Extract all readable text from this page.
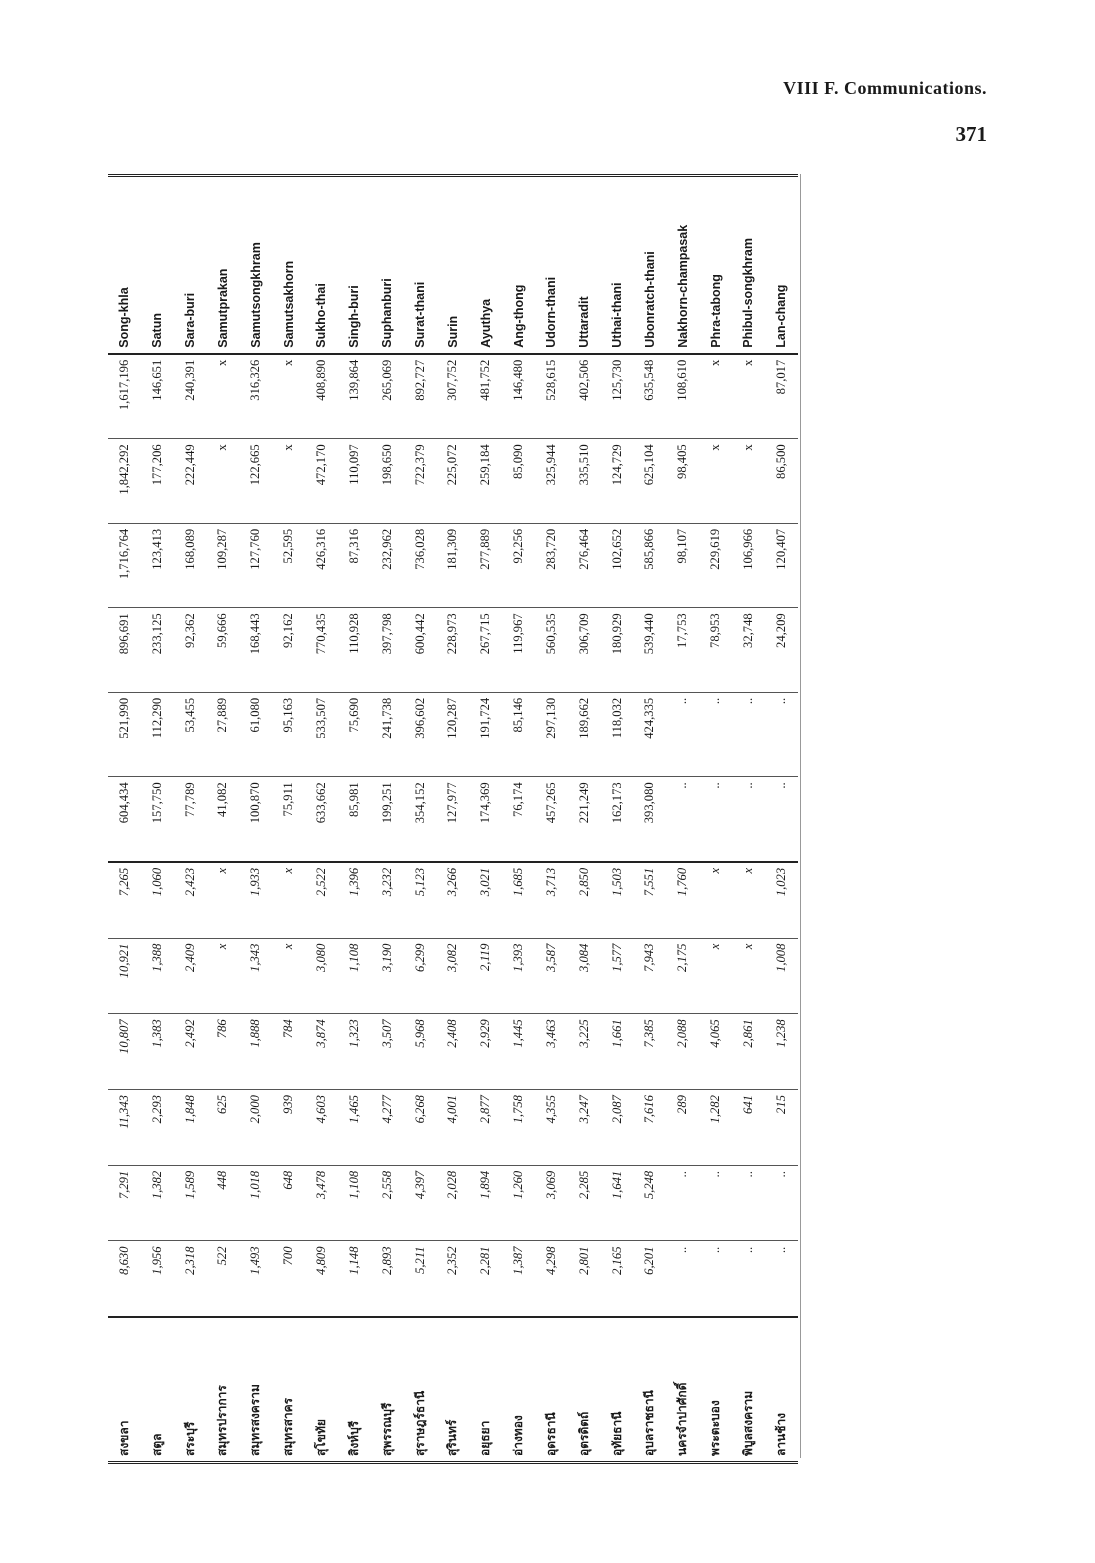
VIII F. Communications.
371
สงขลา	8,630	7,291	11,343	10,807	10,921	7,265	604,434	521,990	896,691	1,716,764	1,842,292	1,617,196	Song-khla
สตูล	1,956	1,382	2,293	1,383	1,388	1,060	157,750	112,290	233,125	123,413	177,206	146,651	Satun
สระบุรี	2,318	1,589	1,848	2,492	2,409	2,423	77,789	53,455	92,362	168,089	222,449	240,391	Sara-buri
สมุทรปราการ	522	448	625	786	x	x	41,082	27,889	59,666	109,287	x	x	Samutprakan
สมุทรสงคราม	1,493	1,018	2,000	1,888	1,343	1,933	100,870	61,080	168,443	127,760	122,665	316,326	Samutsongkhram
สมุทรสาคร	700	648	939	784	x	x	75,911	95,163	92,162	52,595	x	x	Samutsakhorn
สุโขทัย	4,809	3,478	4,603	3,874	3,080	2,522	633,662	533,507	770,435	426,316	472,170	408,890	Sukho-thai
สิงห์บุรี	1,148	1,108	1,465	1,323	1,108	1,396	85,981	75,690	110,928	87,316	110,097	139,864	Singh-buri
สุพรรณบุรี	2,893	2,558	4,277	3,507	3,190	3,232	199,251	241,738	397,798	232,962	198,650	265,069	Suphanburi
สุราษฎร์ธานี	5,211	4,397	6,268	5,968	6,299	5,123	354,152	396,602	600,442	736,028	722,379	892,727	Surat-thani
สุรินทร์	2,352	2,028	4,001	2,408	3,082	3,266	127,977	120,287	228,973	181,309	225,072	307,752	Surin
อยุธยา	2,281	1,894	2,877	2,929	2,119	3,021	174,369	191,724	267,715	277,889	259,184	481,752	Ayuthya
อ่างทอง	1,387	1,260	1,758	1,445	1,393	1,685	76,174	85,146	119,967	92,256	85,090	146,480	Ang-thong
อุดรธานี	4,298	3,069	4,355	3,463	3,587	3,713	457,265	297,130	560,535	283,720	325,944	528,615	Udorn-thani
อุตรดิตถ์	2,801	2,285	3,247	3,225	3,084	2,850	221,249	189,662	306,709	276,464	335,510	402,506	Uttaradit
อุทัยธานี	2,165	1,641	2,087	1,661	1,577	1,503	162,173	118,032	180,929	102,652	124,729	125,730	Uthai-thani
อุบลราชธานี	6,201	5,248	7,616	7,385	7,943	7,551	393,080	424,335	539,440	585,866	625,104	635,548	Ubonratch-thani
นครจำปาศักดิ์	..	..	289	2,088	2,175	1,760	..	..	17,753	98,107	98,405	108,610	Nakhorn-champasak
พระตะบอง	..	..	1,282	4,065	x	x	..	..	78,953	229,619	x	x	Phra-tabong
พิบูลสงคราม	..	..	641	2,861	x	x	..	..	32,748	106,966	x	x	Phibul-songkhram
ลานช้าง	..	..	215	1,238	1,008	1,023	..	..	24,209	120,407	86,500	87,017	Lan-chang
